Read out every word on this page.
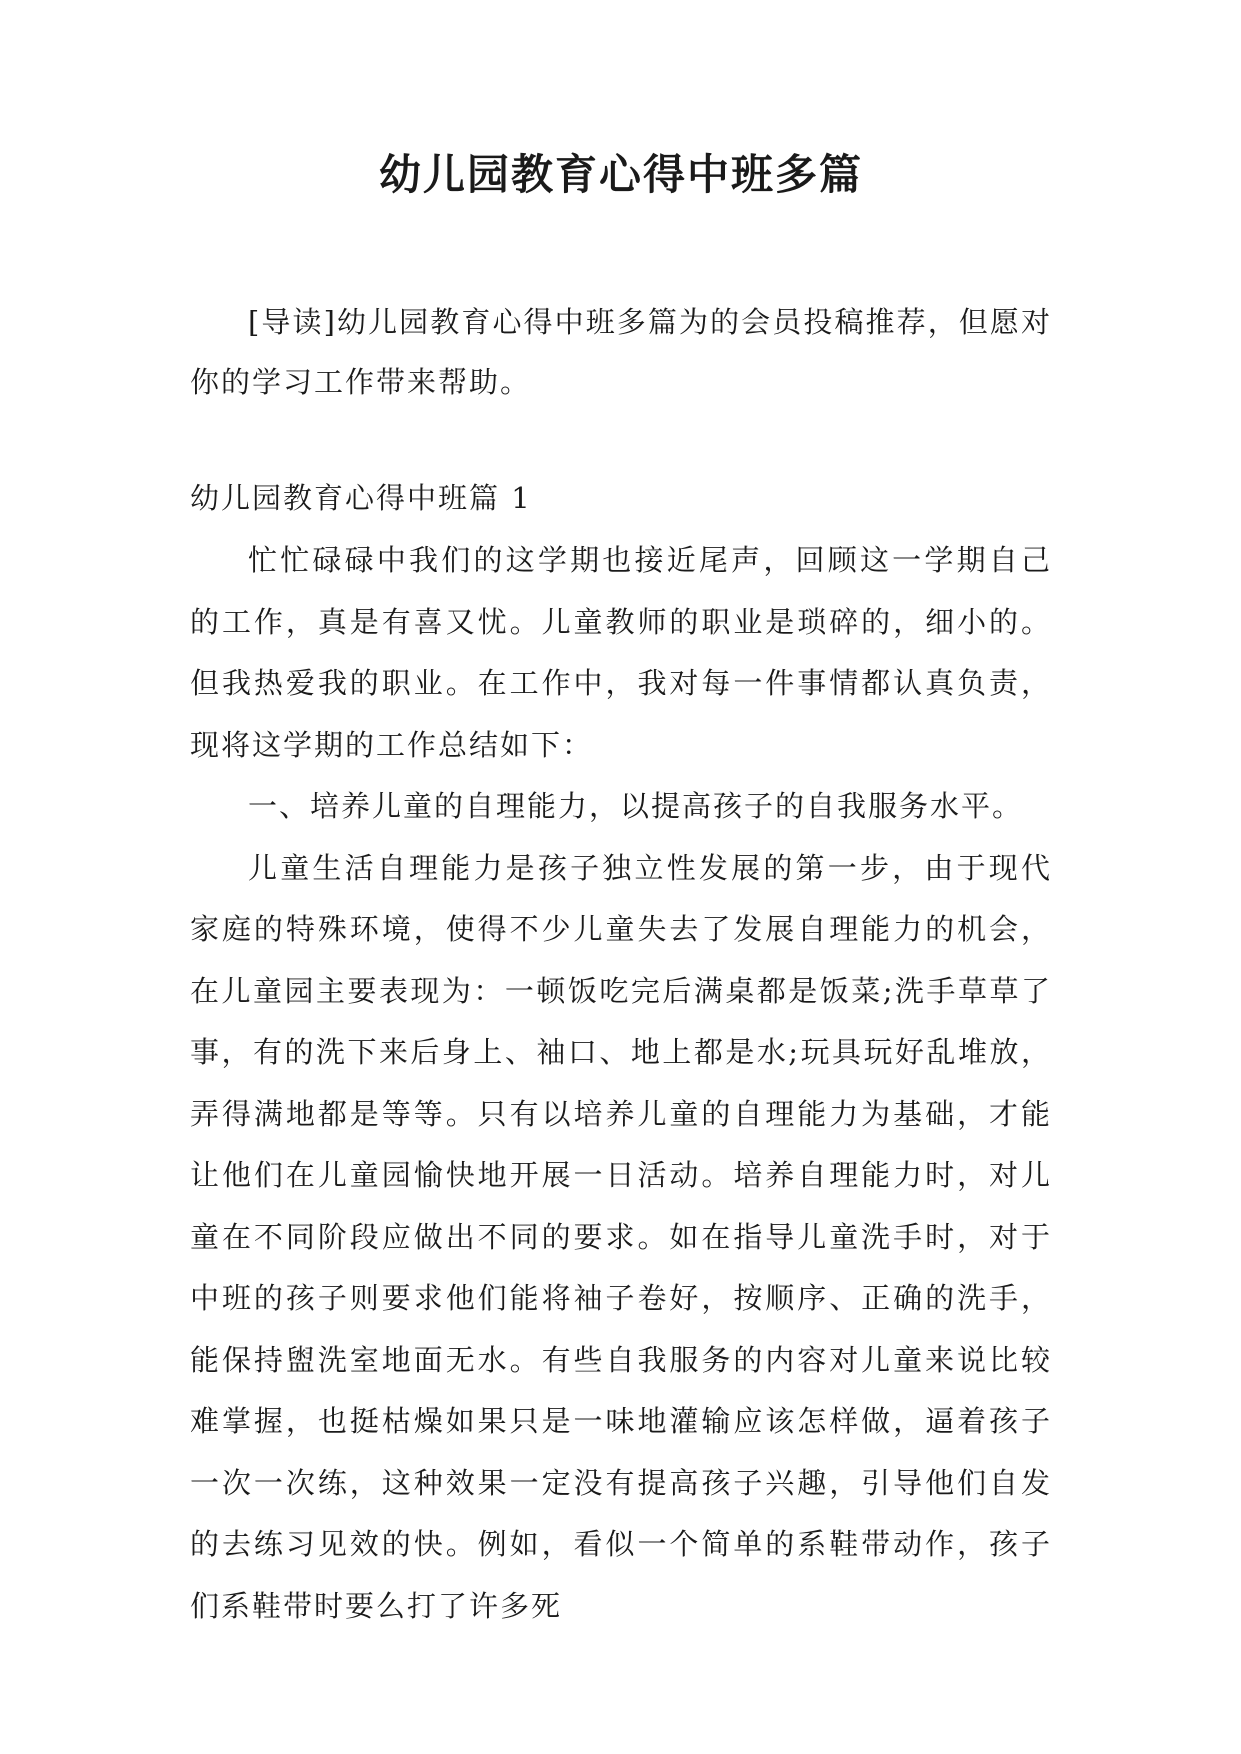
幼儿园教育心得中班多篇

[导读]幼儿园教育心得中班多篇为的会员投稿推荐，但愿对你的学习工作带来帮助。

幼儿园教育心得中班篇 1

忙忙碌碌中我们的这学期也接近尾声，回顾这一学期自己的工作，真是有喜又忧。儿童教师的职业是琐碎的，细小的。但我热爱我的职业。在工作中，我对每一件事情都认真负责，现将这学期的工作总结如下：

一、培养儿童的自理能力，以提高孩子的自我服务水平。

儿童生活自理能力是孩子独立性发展的第一步，由于现代家庭的特殊环境，使得不少儿童失去了发展自理能力的机会，在儿童园主要表现为：一顿饭吃完后满桌都是饭菜;洗手草草了事，有的洗下来后身上、袖口、地上都是水;玩具玩好乱堆放，弄得满地都是等等。只有以培养儿童的自理能力为基础，才能让他们在儿童园愉快地开展一日活动。培养自理能力时，对儿童在不同阶段应做出不同的要求。如在指导儿童洗手时，对于中班的孩子则要求他们能将袖子卷好，按顺序、正确的洗手，能保持盥洗室地面无水。有些自我服务的内容对儿童来说比较难掌握，也挺枯燥如果只是一味地灌输应该怎样做，逼着孩子一次一次练，这种效果一定没有提高孩子兴趣，引导他们自发的去练习见效的快。例如，看似一个简单的系鞋带动作，孩子们系鞋带时要么打了许多死
